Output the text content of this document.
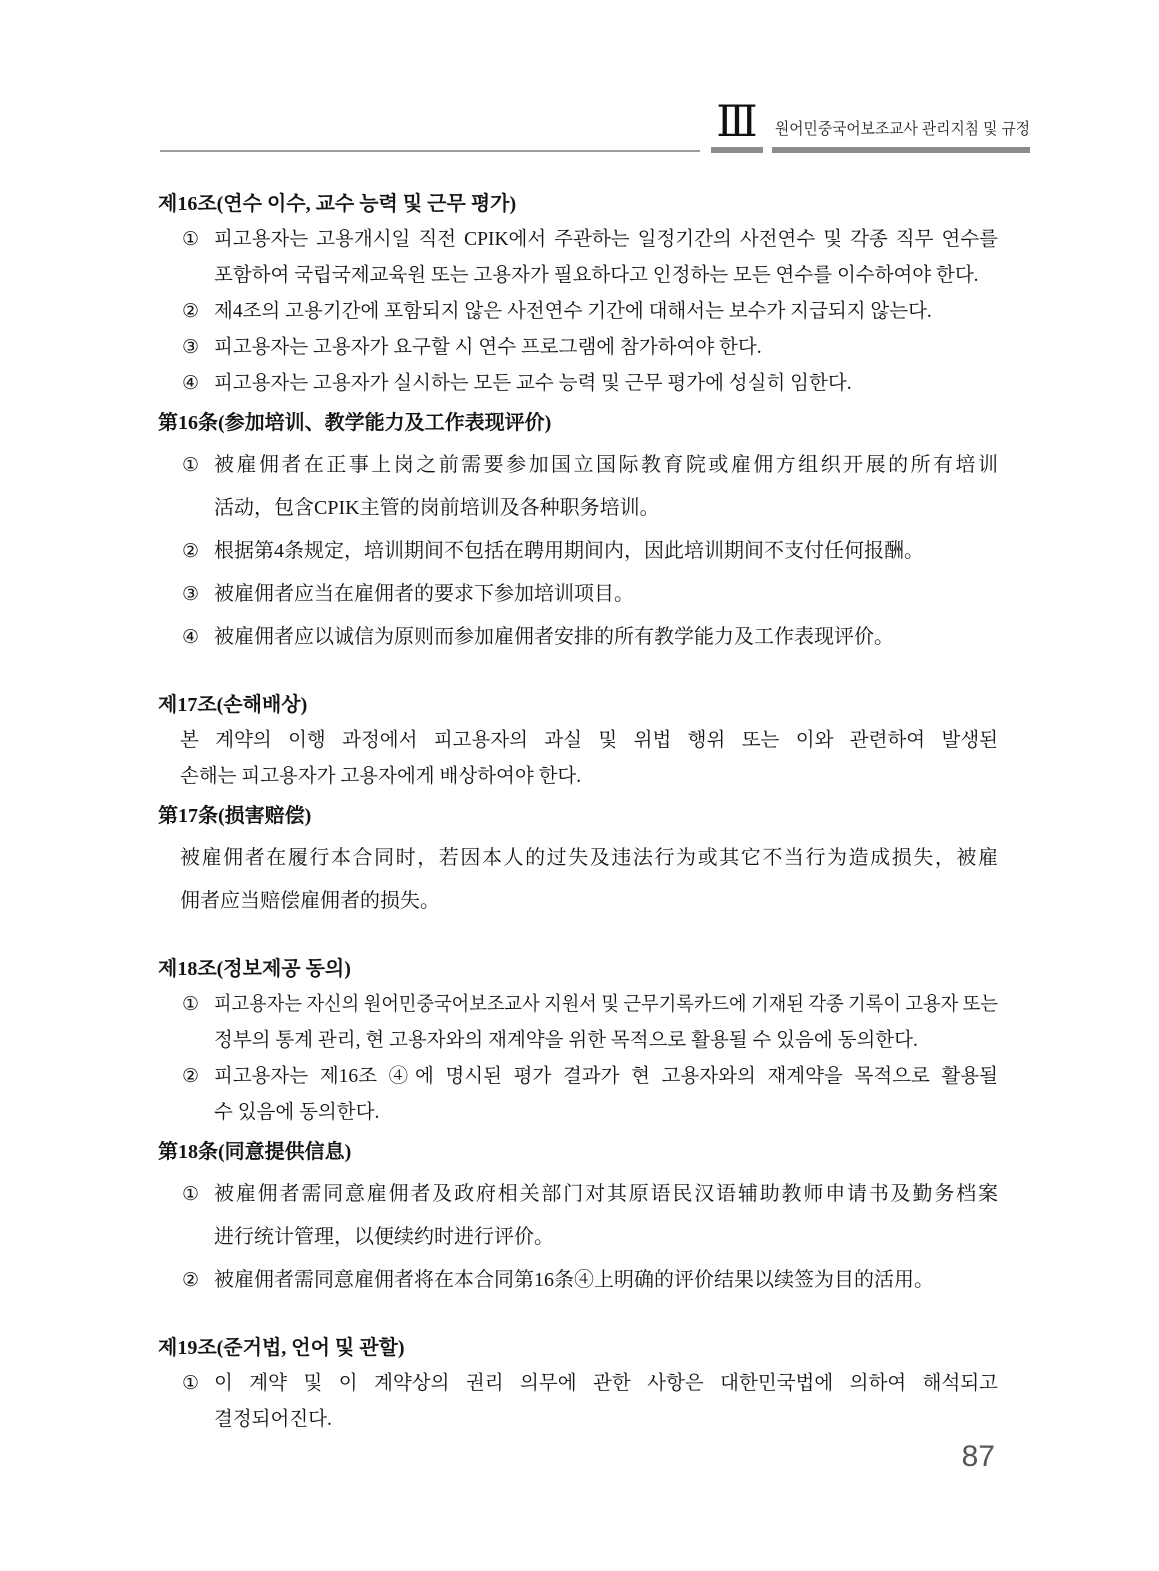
Ⅲ	원어민중국어보조교사 관리지침 및 규정
제16조(연수 이수, 교수 능력 및 근무 평가)
① 피고용자는 고용개시일 직전 CPIK에서 주관하는 일정기간의 사전연수 및 각종 직무 연수를
포함하여 국립국제교육원 또는 고용자가 필요하다고 인정하는 모든 연수를 이수하여야 한다.
② 제4조의 고용기간에 포함되지 않은 사전연수 기간에 대해서는 보수가 지급되지 않는다.
③ 피고용자는 고용자가 요구할 시 연수 프로그램에 참가하여야 한다.
④ 피고용자는 고용자가 실시하는 모든 교수 능력 및 근무 평가에 성실히 임한다.
第16条(参加培训、教学能力及工作表现评价)
① 被雇佣者在正事上岗之前需要参加国立国际教育院或雇佣方组织开展的所有培训
活动，包含CPIK主管的岗前培训及各种职务培训。
② 根据第4条规定，培训期间不包括在聘用期间内，因此培训期间不支付任何报酬。
③ 被雇佣者应当在雇佣者的要求下参加培训项目。
④ 被雇佣者应以诚信为原则而参加雇佣者安排的所有教学能力及工作表现评价。
제17조(손해배상)
본 계약의 이행 과정에서 피고용자의 과실 및 위법 행위 또는 이와 관련하여 발생된
손해는 피고용자가 고용자에게 배상하여야 한다.
第17条(损害赔偿)
被雇佣者在履行本合同时，若因本人的过失及违法行为或其它不当行为造成损失，被雇
佣者应当赔偿雇佣者的损失。
제18조(정보제공 동의)
① 피고용자는 자신의 원어민중국어보조교사 지원서 및 근무기록카드에 기재된 각종 기록이 고용자 또는
정부의 통계 관리, 현 고용자와의 재계약을 위한 목적으로 활용될 수 있음에 동의한다.
② 피고용자는 제16조 ④에 명시된 평가 결과가 현 고용자와의 재계약을 목적으로 활용될
수 있음에 동의한다.
第18条(同意提供信息)
① 被雇佣者需同意雇佣者及政府相关部门对其原语民汉语辅助教师申请书及勤务档案
进行统计管理，以便续约时进行评价。
② 被雇佣者需同意雇佣者将在本合同第16条④上明确的评价结果以续签为目的活用。
제19조(준거법, 언어 및 관할)
① 이 계약 및 이 계약상의 권리 의무에 관한 사항은 대한민국법에 의하여 해석되고
결정되어진다.
87
